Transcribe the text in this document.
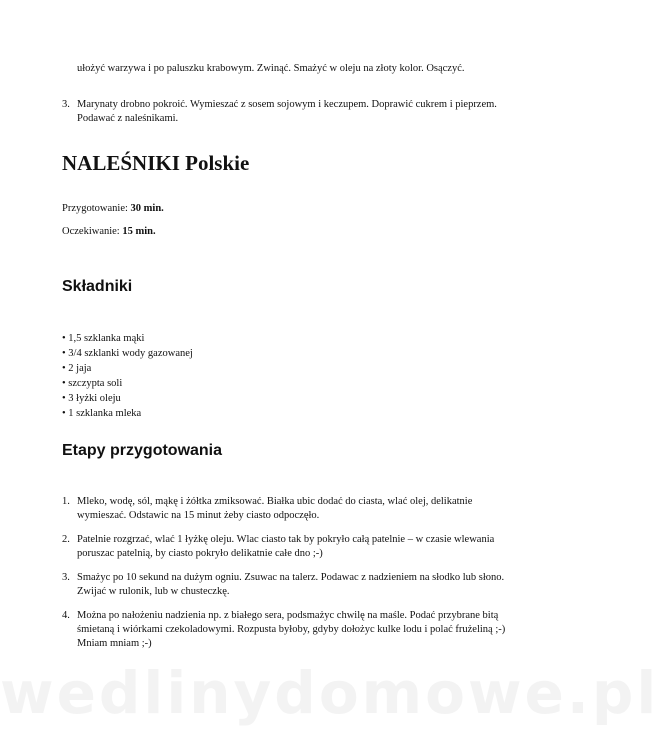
ułożyć warzywa i po paluszku krabowym. Zwinąć. Smażyć w oleju na złoty kolor. Osączyć.
3. Marynaty drobno pokroić. Wymieszać z sosem sojowym i keczupem. Doprawić cukrem i pieprzem. Podawać z naleśnikami.
NALEŚNIKI Polskie
Przygotowanie: 30 min.
Oczekiwanie: 15 min.
Składniki
• 1,5 szklanka mąki
• 3/4 szklanki wody gazowanej
• 2 jaja
• szczypta soli
• 3 łyżki oleju
• 1 szklanka mleka
Etapy przygotowania
1. Mleko, wodę, sól, mąkę i żółtka zmiksować. Białka ubic dodać do ciasta, wlać olej, delikatnie wymieszać. Odstawic na 15 minut żeby ciasto odpoczęło.
2. Patelnie rozgrzać, wlać 1 łyżkę oleju. Wlac ciasto tak by pokryło całą patelnie – w czasie wlewania poruszac patelnią, by ciasto pokryło delikatnie całe dno ;-)
3. Smażyc po 10 sekund na dużym ogniu. Zsuwac na talerz. Podawac z nadzieniem na słodko lub słono. Zwijać w rulonik, lub w chusteczkę.
4. Można po nałożeniu nadzienia np. z białego sera, podsmażyc chwilę na maśle. Podać przybrane bitą śmietaną i wiórkami czekoladowymi. Rozpusta byłoby, gdyby dołożyc kulke lodu i polać frużeliną ;-) Mniam mniam ;-)
wedlinydomowe.pl
